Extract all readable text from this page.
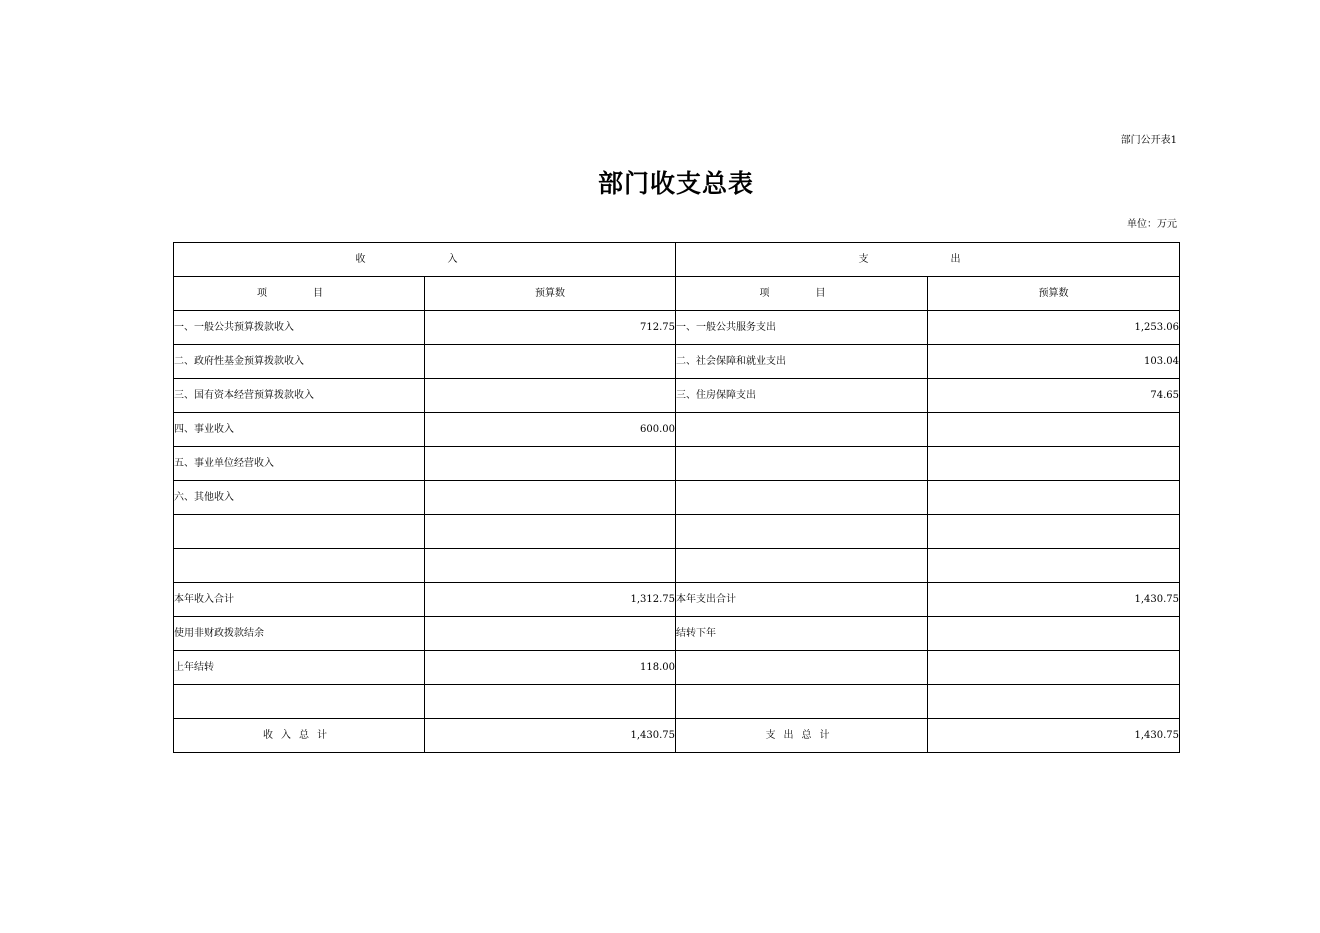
部门公开表1
部门收支总表
单位：万元
收　入		支　出	
项　目	预算数	项　目	预算数
一、一般公共预算拨款收入	712.75	一、一般公共服务支出	1,253.06
二、政府性基金预算拨款收入		二、社会保障和就业支出	103.04
三、国有资本经营预算拨款收入		三、住房保障支出	74.65
四、事业收入	600.00		
五、事业单位经营收入			
六、其他收入			

本年收入合计	1,312.75	本年支出合计	1,430.75
使用非财政拨款结余		结转下年	
上年结转	118.00		

收入总计	1,430.75	支出总计	1,430.75
